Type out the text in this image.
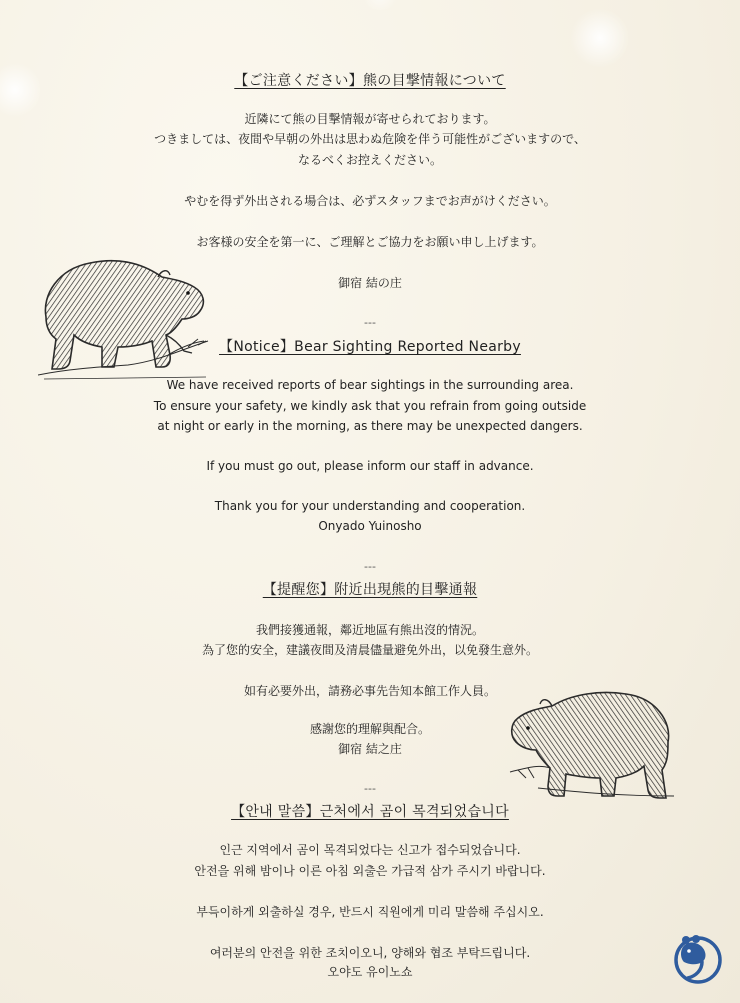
【ご注意ください】熊の目撃情報について
近隣にて熊の目撃情報が寄せられております。
つきましては、夜間や早朝の外出は思わぬ危険を伴う可能性がございますので、
なるべくお控えください。
やむを得ず外出される場合は、必ずスタッフまでお声がけください。
お客様の安全を第一に、ご理解とご協力をお願い申し上げます。
御宿 結の庄
---
【Notice】Bear Sighting Reported Nearby
We have received reports of bear sightings in the surrounding area.
To ensure your safety, we kindly ask that you refrain from going outside
at night or early in the morning, as there may be unexpected dangers.
If you must go out, please inform our staff in advance.
Thank you for your understanding and cooperation.
Onyado Yuinosho
---
【提醒您】附近出現熊的目擊通報
我們接獲通報，鄰近地區有熊出沒的情況。
為了您的安全，建議夜間及清晨儘量避免外出，以免發生意外。
如有必要外出，請務必事先告知本館工作人員。
感謝您的理解與配合。
御宿 結之庄
---
【안내 말씀】근처에서 곰이 목격되었습니다
인근 지역에서 곰이 목격되었다는 신고가 접수되었습니다.
안전을 위해 밤이나 이른 아침 외출은 가급적 삼가 주시기 바랍니다.
부득이하게 외출하실 경우, 반드시 직원에게 미리 말씀해 주십시오.
여러분의 안전을 위한 조치이오니, 양해와 협조 부탁드립니다.
오야도 유이노쇼
